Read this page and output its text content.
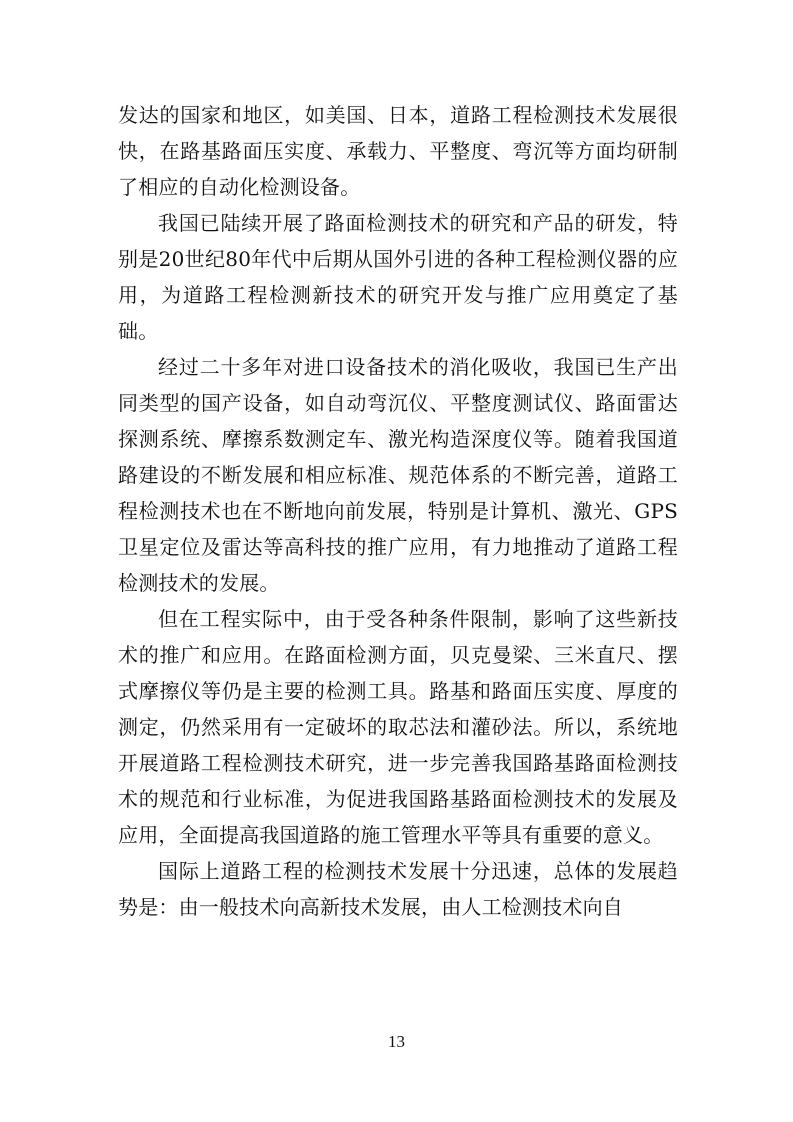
发达的国家和地区，如美国、日本，道路工程检测技术发展很快，在路基路面压实度、承载力、平整度、弯沉等方面均研制了相应的自动化检测设备。

我国已陆续开展了路面检测技术的研究和产品的研发，特别是20世纪80年代中后期从国外引进的各种工程检测仪器的应用，为道路工程检测新技术的研究开发与推广应用奠定了基础。

经过二十多年对进口设备技术的消化吸收，我国已生产出同类型的国产设备，如自动弯沉仪、平整度测试仪、路面雷达探测系统、摩擦系数测定车、激光构造深度仪等。随着我国道路建设的不断发展和相应标准、规范体系的不断完善，道路工程检测技术也在不断地向前发展，特别是计算机、激光、GPS卫星定位及雷达等高科技的推广应用，有力地推动了道路工程检测技术的发展。

但在工程实际中，由于受各种条件限制，影响了这些新技术的推广和应用。在路面检测方面，贝克曼梁、三米直尺、摆式摩擦仪等仍是主要的检测工具。路基和路面压实度、厚度的测定，仍然采用有一定破坏的取芯法和灌砂法。所以，系统地开展道路工程检测技术研究，进一步完善我国路基路面检测技术的规范和行业标准，为促进我国路基路面检测技术的发展及应用，全面提高我国道路的施工管理水平等具有重要的意义。

国际上道路工程的检测技术发展十分迅速，总体的发展趋势是：由一般技术向高新技术发展，由人工检测技术向自

13
